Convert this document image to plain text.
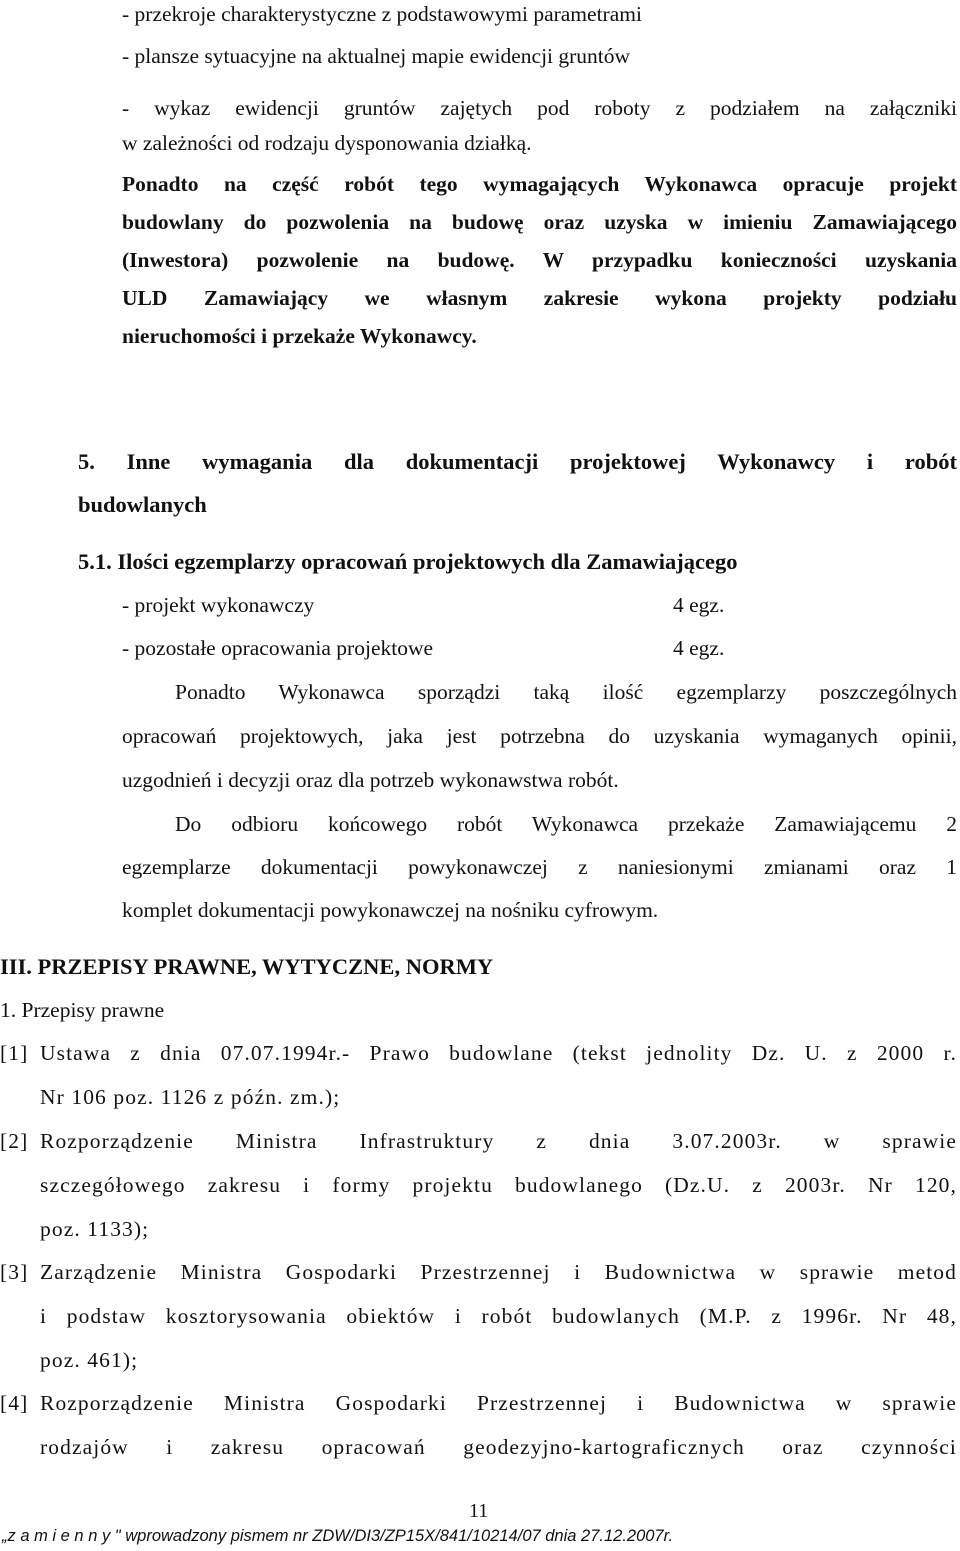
- przekroje charakterystyczne z podstawowymi parametrami
- plansze sytuacyjne na aktualnej mapie ewidencji gruntów
- wykaz ewidencji gruntów zajętych pod roboty z podziałem na załączniki
w zależności od rodzaju dysponowania działką.
Ponadto na część robót tego wymagających Wykonawca opracuje projekt
budowlany do pozwolenia na budowę oraz uzyska w imieniu Zamawiającego
(Inwestora) pozwolenie na budowę. W przypadku konieczności uzyskania
ULD Zamawiający we własnym zakresie wykona projekty podziału
nieruchomości i przekaże Wykonawcy.
5. Inne wymagania dla dokumentacji projektowej Wykonawcy i robót
budowlanych
5.1. Ilości egzemplarzy opracowań projektowych dla Zamawiającego
- projekt wykonawczy	4 egz.
- pozostałe opracowania projektowe	4 egz.
Ponadto Wykonawca sporządzi taką ilość egzemplarzy poszczególnych
opracowań projektowych, jaka jest potrzebna do uzyskania wymaganych opinii,
uzgodnień i decyzji oraz dla potrzeb wykonawstwa robót.
Do odbioru końcowego robót Wykonawca przekaże Zamawiającemu 2
egzemplarze dokumentacji powykonawczej z naniesionymi zmianami oraz 1
komplet dokumentacji powykonawczej na nośniku cyfrowym.
III. PRZEPISY PRAWNE, WYTYCZNE, NORMY
1. Przepisy prawne
[1] Ustawa z dnia 07.07.1994r.- Prawo budowlane (tekst jednolity Dz. U. z 2000 r.
Nr 106 poz. 1126 z późn. zm.);
[2] Rozporządzenie Ministra Infrastruktury z dnia 3.07.2003r. w sprawie
szczegółowego zakresu i formy projektu budowlanego (Dz.U. z 2003r. Nr 120,
poz. 1133);
[3] Zarządzenie Ministra Gospodarki Przestrzennej i Budownictwa w sprawie metod
i podstaw kosztorysowania obiektów i robót budowlanych (M.P. z 1996r. Nr 48,
poz. 461);
[4] Rozporządzenie Ministra Gospodarki Przestrzennej i Budownictwa w sprawie
rodzajów i zakresu opracowań geodezyjno-kartograficznych oraz czynności
11
„z a m i e n n y " wprowadzony pismem nr ZDW/DI3/ZP15X/841/10214/07 dnia 27.12.2007r.
